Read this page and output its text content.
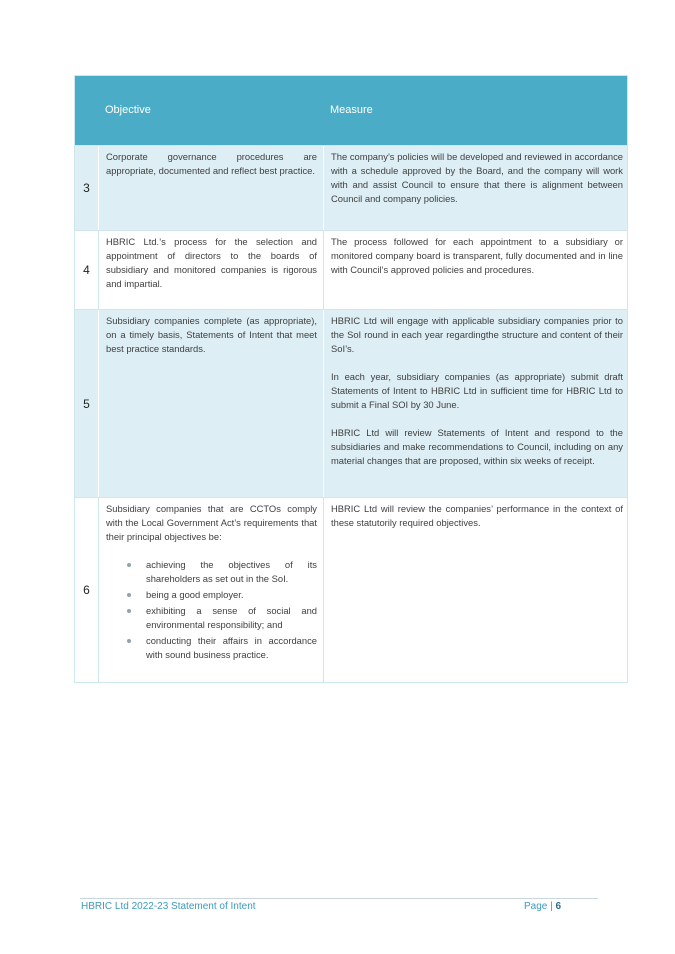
Objective	Measure
3

Corporate governance procedures are appropriate, documented and reflect best practice.

The company’s policies will be developed and reviewed in accordance with a schedule approved by the Board, and the company will work with and assist Council to ensure that there is alignment between Council and company policies.

4

HBRIC Ltd.’s process for the selection and appointment of directors to the boards of subsidiary and monitored companies is rigorous and impartial.

The process followed for each appointment to a subsidiary or monitored company board is transparent, fully documented and in line with Council’s approved policies and procedures.

5

Subsidiary companies complete (as appropriate), on a timely basis, Statements of Intent that meet best practice standards.

HBRIC Ltd will engage with applicable subsidiary companies prior to the SoI round in each year regardingthe structure and content of their SoI’s.

In each year, subsidiary companies (as appropriate) submit draft Statements of Intent to HBRIC Ltd in sufficient time for HBRIC Ltd to submit a Final SOI by 30 June.

HBRIC Ltd will review Statements of Intent and respond to the subsidiaries and make recommendations to Council, including on any material changes that are proposed, within six weeks of receipt.

6

Subsidiary companies that are CCTOs comply with the Local Government Act’s requirements that their principal objectives be:

achieving the objectives of its shareholders as set out in the SoI.
being a good employer.
exhibiting a sense of social and environmental responsibility; and
conducting their affairs in accordance with sound business practice.

HBRIC Ltd will review the companies’ performance in the context of these statutorily required objectives.

HBRIC Ltd 2022-23 Statement of Intent	Page | 6
